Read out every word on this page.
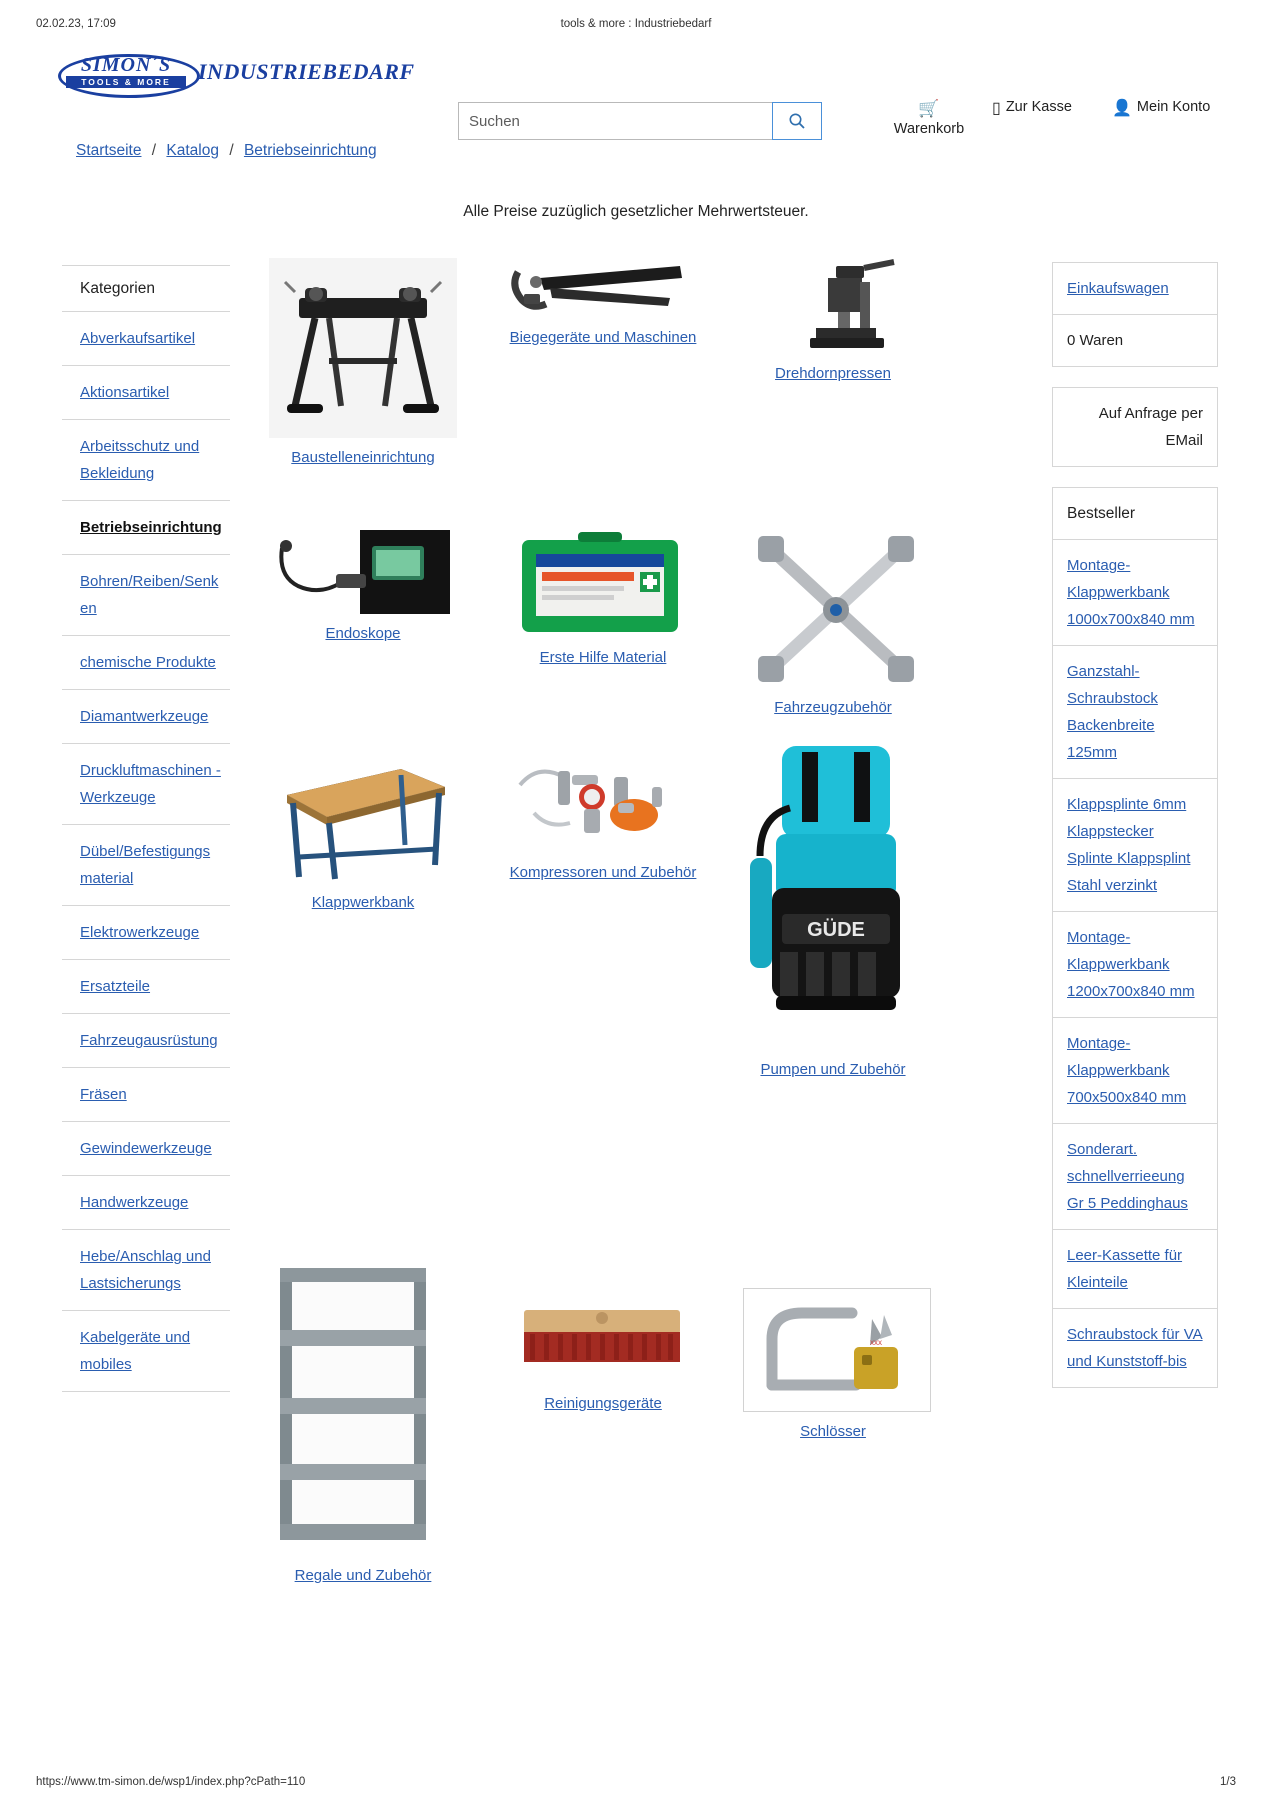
02.02.23, 17:09	tools & more : Industriebedarf
SIMON´S
TOOLS & MORE	INDUSTRIEBEDARF
Suchen
🛒
Warenkorb
▯ Zur Kasse	👤 Mein Konto
Startseite / Katalog / Betriebseinrichtung
Alle Preise zuzüglich gesetzlicher Mehrwertsteuer.
Kategorien
Abverkaufsartikel
Aktionsartikel
Arbeitsschutz und Bekleidung
Betriebseinrichtung
Bohren/Reiben/Senken
chemische Produkte
Diamantwerkzeuge
Druckluftmaschinen - Werkzeuge
Dübel/Befestigungsmaterial
Elektrowerkzeuge
Ersatzteile
Fahrzeugausrüstung
Fräsen
Gewindewerkzeuge
Handwerkzeuge
Hebe/Anschlag und Lastsicherungs
Kabelgeräte und mobiles
Baustelleneinrichtung
Biegegeräte und Maschinen
Drehdornpressen
Endoskope
Erste Hilfe Material
Fahrzeugzubehör
Klappwerkbank
Kompressoren und Zubehör
GÜDE
Pumpen und Zubehör
Regale und Zubehör
Reinigungsgeräte
xxx
Schlösser
Einkaufswagen
0 Waren
Auf Anfrage per EMail
Bestseller
Montage-Klappwerkbank 1000x700x840 mm
Ganzstahl-Schraubstock Backenbreite 125mm
Klappsplinte 6mm Klappstecker Splinte Klappsplint Stahl verzinkt
Montage-Klappwerkbank 1200x700x840 mm
Montage-Klappwerkbank 700x500x840 mm
Sonderart. schnellverrieeung Gr 5 Peddinghaus
Leer-Kassette für Kleinteile
Schraubstock für VA und Kunststoff-bis
https://www.tm-simon.de/wsp1/index.php?cPath=110	1/3
